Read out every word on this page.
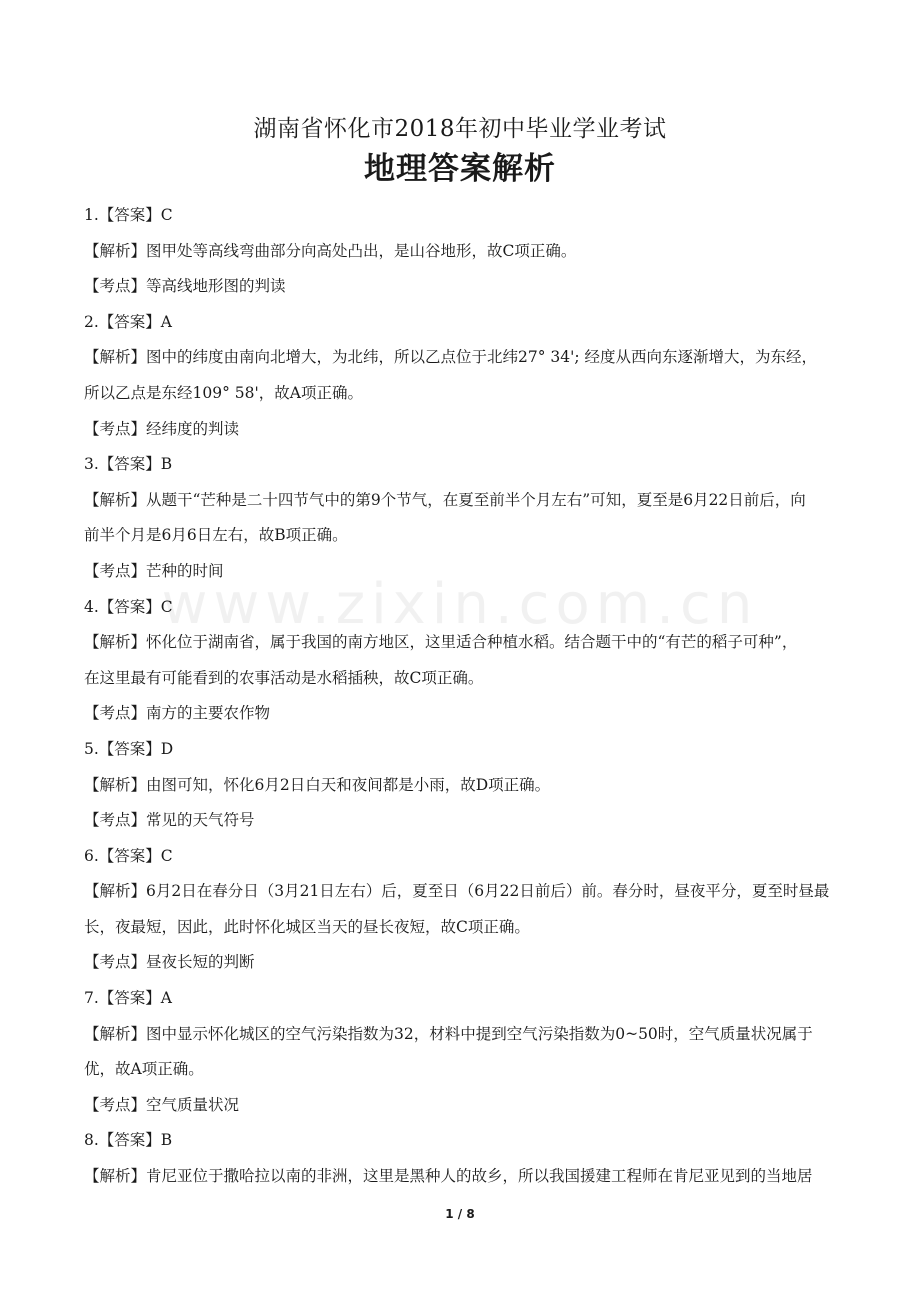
www.zixin.com.cn
湖南省怀化市2018年初中毕业学业考试
地理答案解析
1.【答案】C
【解析】图甲处等高线弯曲部分向高处凸出，是山谷地形，故C项正确。
【考点】等高线地形图的判读
2.【答案】A
【解析】图中的纬度由南向北增大，为北纬，所以乙点位于北纬27° 34'; 经度从西向东逐渐增大，为东经，
所以乙点是东经109° 58'，故A项正确。
【考点】经纬度的判读
3.【答案】B
【解析】从题干“芒种是二十四节气中的第9个节气，在夏至前半个月左右”可知，夏至是6月22日前后，向
前半个月是6月6日左右，故B项正确。
【考点】芒种的时间
4.【答案】C
【解析】怀化位于湖南省，属于我国的南方地区，这里适合种植水稻。结合题干中的“有芒的稻子可种”，
在这里最有可能看到的农事活动是水稻插秧，故C项正确。
【考点】南方的主要农作物
5.【答案】D
【解析】由图可知，怀化6月2日白天和夜间都是小雨，故D项正确。
【考点】常见的天气符号
6.【答案】C
【解析】6月2日在春分日（3月21日左右）后，夏至日（6月22日前后）前。春分时，昼夜平分，夏至时昼最
长，夜最短，因此，此时怀化城区当天的昼长夜短，故C项正确。
【考点】昼夜长短的判断
7.【答案】A
【解析】图中显示怀化城区的空气污染指数为32，材料中提到空气污染指数为0~50时，空气质量状况属于
优，故A项正确。
【考点】空气质量状况
8.【答案】B
【解析】肯尼亚位于撒哈拉以南的非洲，这里是黑种人的故乡，所以我国援建工程师在肯尼亚见到的当地居
1 / 8
